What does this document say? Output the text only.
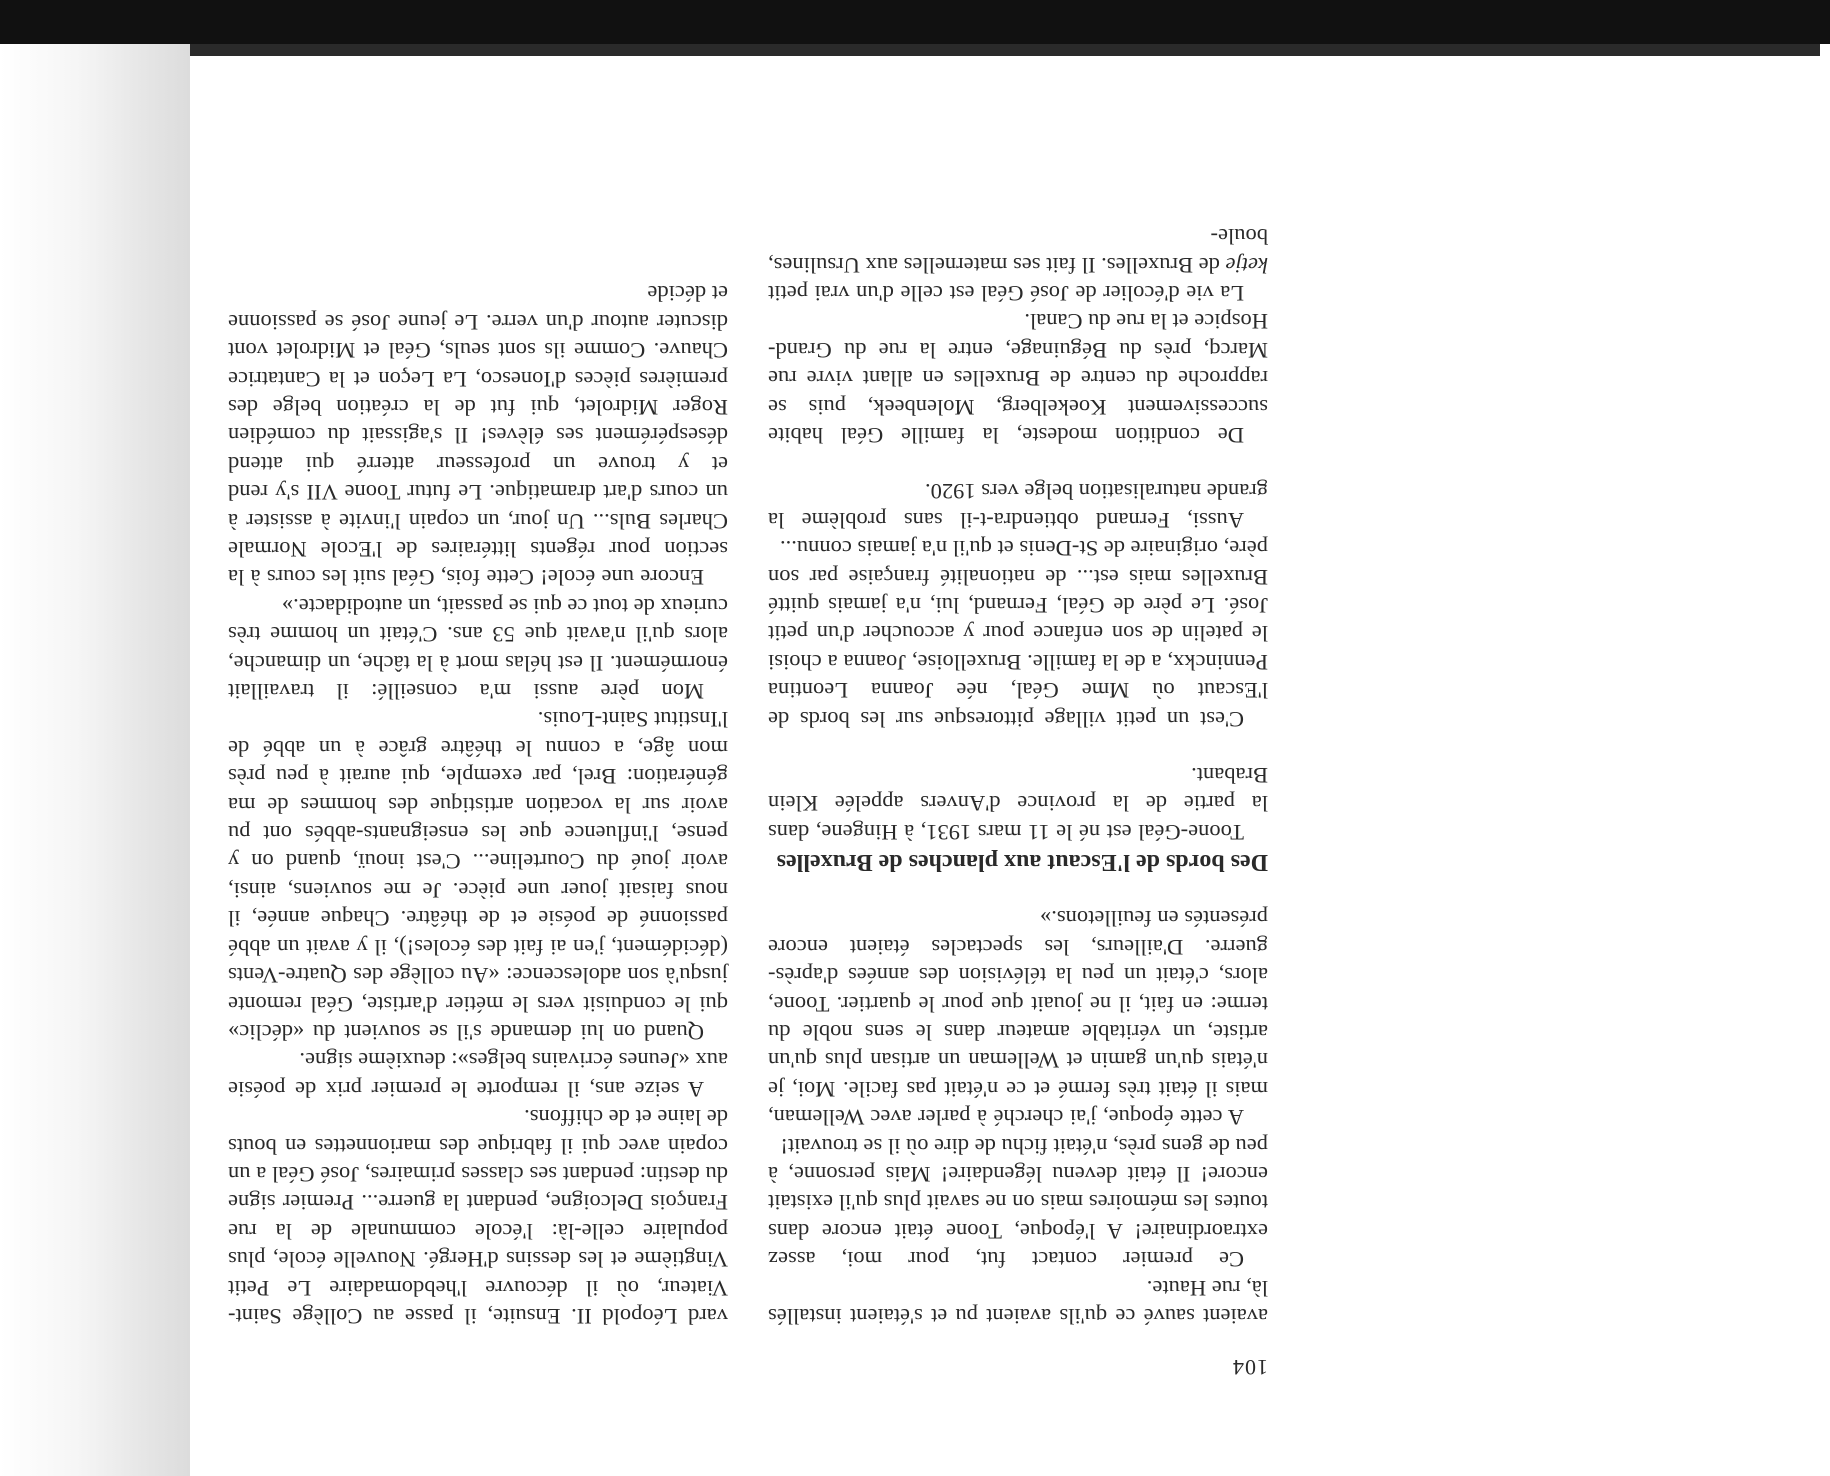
104

avaient sauvé ce qu'ils avaient pu et s'étaient installés là, rue Haute.

Ce premier contact fut, pour moi, assez extraordinaire! A l'époque, Toone était encore dans toutes les mémoires mais on ne savait plus qu'il existait encore! Il était devenu légendaire! Mais personne, à peu de gens près, n'était fichu de dire où il se trouvait!

A cette époque, j'ai cherché à parler avec Welleman, mais il était très fermé et ce n'était pas facile. Moi, je n'étais qu'un gamin et Welleman un artisan plus qu'un artiste, un véritable amateur dans le sens noble du terme: en fait, il ne jouait que pour le quartier. Toone, alors, c'était un peu la télévision des années d'après-guerre. D'ailleurs, les spectacles étaient encore présentés en feuilletons.»

Des bords de l'Escaut aux planches de Bruxelles

Toone-Géal est né le 11 mars 1931, à Hingene, dans la partie de la province d'Anvers appelée Klein Brabant.

C'est un petit village pittoresque sur les bords de l'Escaut où Mme Géal, née Joanna Leontina Penninckx, a de la famille. Bruxelloise, Joanna a choisi le patelin de son enfance pour y accoucher d'un petit José. Le père de Géal, Fernand, lui, n'a jamais quitté Bruxelles mais est... de nationalité française par son père, originaire de St-Denis et qu'il n'a jamais connu...

Aussi, Fernand obtiendra-t-il sans problème la grande naturalisation belge vers 1920.

De condition modeste, la famille Géal habite successivement Koekelberg, Molenbeek, puis se rapproche du centre de Bruxelles en allant vivre rue Marcq, près du Béguinage, entre la rue du Grand-Hospice et la rue du Canal.

La vie d'écolier de José Géal est celle d'un vrai petit ketje de Bruxelles. Il fait ses maternelles aux Ursulines, boule-

vard Léopold II. Ensuite, il passe au Collège Saint-Viateur, où il découvre l'hebdomadaire Le Petit Vingtième et les dessins d'Hergé. Nouvelle école, plus populaire celle-là: l'école communale de la rue François Delcoigne, pendant la guerre... Premier signe du destin: pendant ses classes primaires, José Géal a un copain avec qui il fabrique des marionnettes en bouts de laine et de chiffons.

A seize ans, il remporte le premier prix de poésie aux «Jeunes écrivains belges»: deuxième signe.

Quand on lui demande s'il se souvient du «déclic» qui le conduisit vers le métier d'artiste, Géal remonte jusqu'à son adolescence: «Au collège des Quatre-Vents (décidément, j'en ai fait des écoles!), il y avait un abbé passionné de poésie et de théâtre. Chaque année, il nous faisait jouer une pièce. Je me souviens, ainsi, avoir joué du Courteline... C'est inouï, quand on y pense, l'influence que les enseignants-abbés ont pu avoir sur la vocation artistique des hommes de ma génération: Brel, par exemple, qui aurait à peu près mon âge, a connu le théâtre grâce à un abbé de l'Institut Saint-Louis.

Mon père aussi m'a conseillé: il travaillait énormément. Il est hélas mort à la tâche, un dimanche, alors qu'il n'avait que 53 ans. C'était un homme très curieux de tout ce qui se passait, un autodidacte.»

Encore une école! Cette fois, Géal suit les cours à la section pour régents littéraires de l'Ecole Normale Charles Buls... Un jour, un copain l'invite à assister à un cours d'art dramatique. Le futur Toone VII s'y rend et y trouve un professeur atterré qui attend désespérément ses élèves! Il s'agissait du comédien Roger Midrolet, qui fut de la création belge des premières pièces d'Ionesco, La Leçon et la Cantatrice Chauve. Comme ils sont seuls, Géal et Midrolet vont discuter autour d'un verre. Le jeune José se passionne et décide
